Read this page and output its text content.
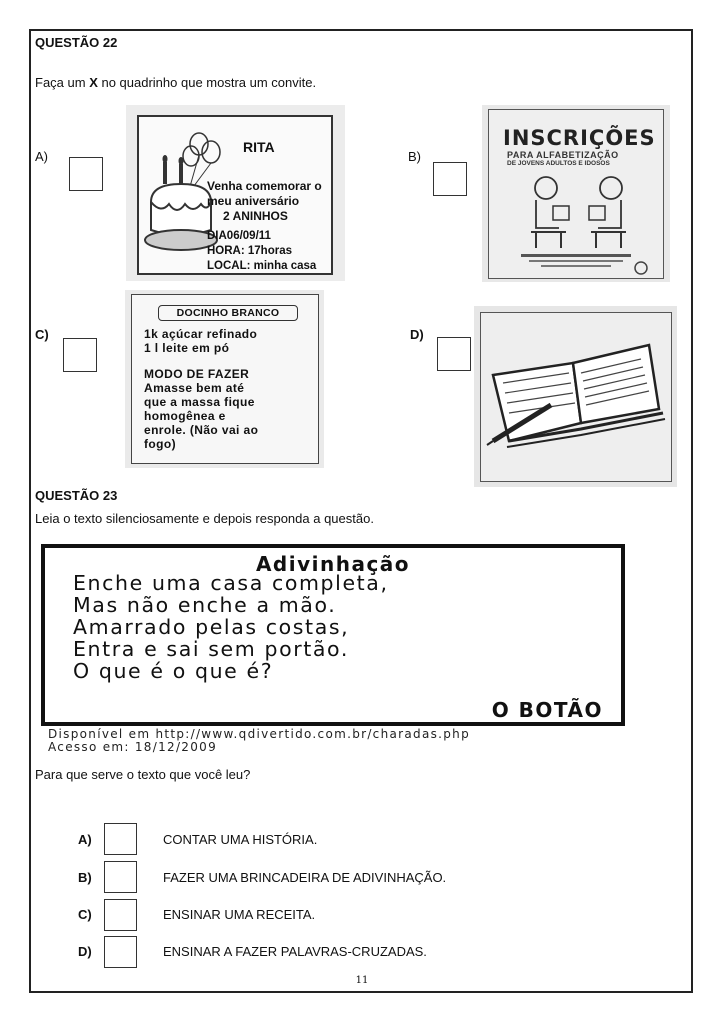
QUESTÃO 22
Faça um X no quadrinho que mostra um convite.
A)
RITA
Venha comemorar o
meu aniversário
2 ANINHOS
DIA06/09/11
HORA: 17horas
LOCAL: minha casa
B)
INSCRIÇÕES
PARA ALFABETIZAÇÃO
DE JOVENS ADULTOS E IDOSOS
C)
DOCINHO BRANCO
1k açúcar refinado
1 l leite em pó
MODO DE FAZER
Amasse bem até
que a massa fique
homogênea e
enrole. (Não vai ao
fogo)
D)
QUESTÃO 23
Leia o texto silenciosamente e depois responda a questão.
Adivinhação
Enche uma casa completa,
Mas não enche a mão.
Amarrado pelas costas,
Entra e sai sem portão.
O que é o que é?
O BOTÃO
Disponível em http://www.qdivertido.com.br/charadas.php
Acesso em: 18/12/2009
Para que serve o texto que você leu?
A)	CONTAR UMA HISTÓRIA.
B)	FAZER UMA BRINCADEIRA DE ADIVINHAÇÃO.
C)	ENSINAR UMA RECEITA.
D)	ENSINAR A FAZER PALAVRAS-CRUZADAS.
11
